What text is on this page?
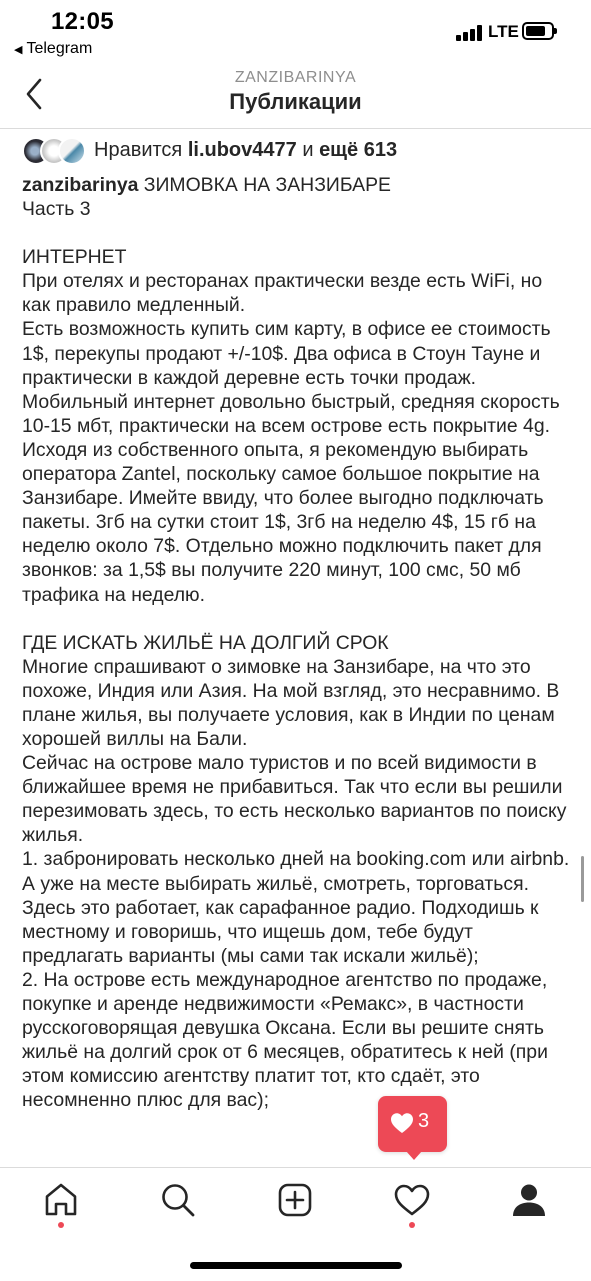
12:05
◀ Telegram
LTE
ZANZIBARINYA
Публикации
Нравится li.ubov4477 и ещё 613

zanzibarinya ЗИМОВКА НА ЗАНЗИБАРЕ

Часть 3

ИНТЕРНЕТ

При отелях и ресторанах практически везде есть WiFi, но как правило медленный.

Есть возможность купить сим карту, в офисе ее стоимость 1$, перекупы продают +/-10$. Два офиса в Стоун Тауне и практически в каждой деревне есть точки продаж.

Мобильный интернет довольно быстрый, средняя скорость 10-15 мбт, практически на всем острове есть покрытие 4g. Исходя из собственного опыта, я рекомендую выбирать оператора Zantel, поскольку самое большое покрытие на Занзибаре. Имейте ввиду, что более выгодно подключать пакеты. 3гб на сутки стоит 1$, 3гб на неделю 4$, 15 гб на неделю около 7$. Отдельно можно подключить пакет для звонков: за 1,5$ вы получите 220 минут, 100 смс, 50 мб трафика на неделю.

ГДЕ ИСКАТЬ ЖИЛЬЁ НА ДОЛГИЙ СРОК

Многие спрашивают о зимовке на Занзибаре, на что это похоже, Индия или Азия. На мой взгляд, это несравнимо. В плане жилья, вы получаете условия, как в Индии по ценам хорошей виллы на Бали.

Сейчас на острове мало туристов и по всей видимости в ближайшее время не прибавиться. Так что если вы решили перезимовать здесь, то есть несколько вариантов по поиску жилья.

1. забронировать несколько дней на booking.com или airbnb. А уже на месте выбирать жильё, смотреть, торговаться. Здесь это работает, как сарафанное радио. Подходишь к местному и говоришь, что ищешь дом, тебе будут предлагать варианты (мы сами так искали жильё);

2. На острове есть международное агентство по продаже, покупке и аренде недвижимости «Ремакс», в частности русскоговорящая девушка Оксана. Если вы решите снять жильё на долгий срок от 6 месяцев, обратитесь к ней (при этом комиссию агентству платит тот, кто сдаёт, это несомненно плюс для вас);

3
